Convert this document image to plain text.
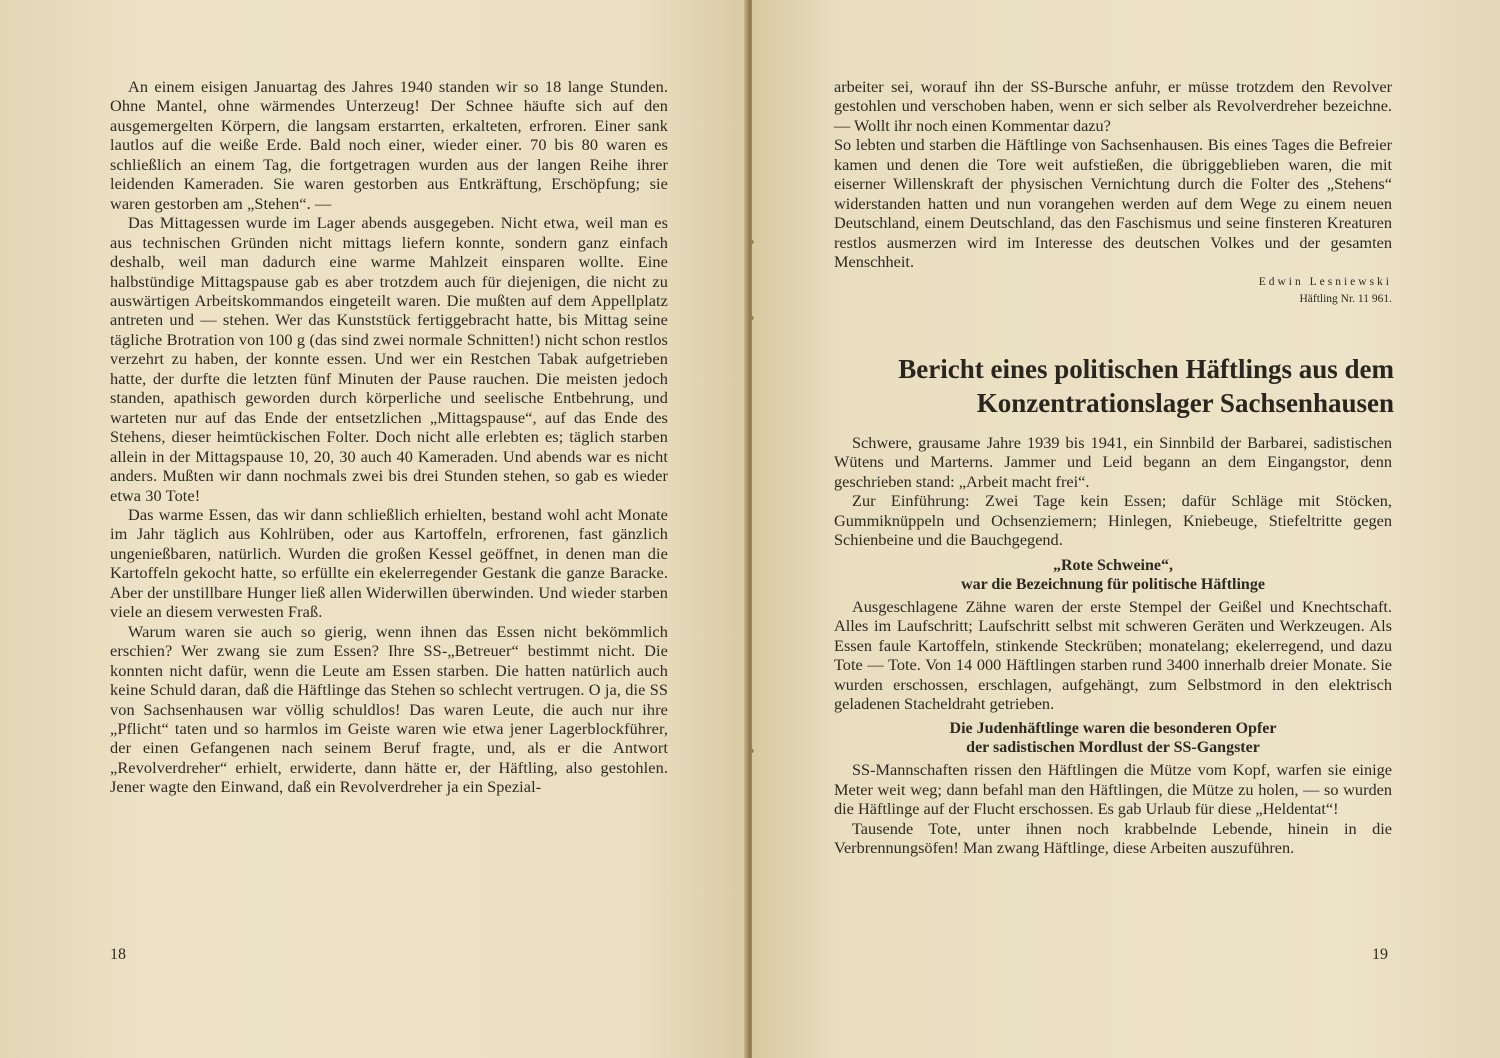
An einem eisigen Januartag des Jahres 1940 standen wir so 18 lange Stunden. Ohne Mantel, ohne wärmendes Unterzeug! Der Schnee häufte sich auf den ausgemergelten Körpern, die langsam erstarrten, erkalteten, erfroren. Einer sank lautlos auf die weiße Erde. Bald noch einer, wieder einer. 70 bis 80 waren es schließlich an einem Tag, die fortgetragen wurden aus der langen Reihe ihrer leidenden Kameraden. Sie waren gestorben aus Entkräftung, Erschöpfung; sie waren gestorben am „Stehen“. —

Das Mittagessen wurde im Lager abends ausgegeben. Nicht etwa, weil man es aus technischen Gründen nicht mittags liefern konnte, sondern ganz einfach deshalb, weil man dadurch eine warme Mahlzeit einsparen wollte. Eine halbstündige Mittagspause gab es aber trotzdem auch für diejenigen, die nicht zu auswärtigen Arbeitskommandos eingeteilt waren. Die mußten auf dem Appellplatz antreten und — stehen. Wer das Kunststück fertiggebracht hatte, bis Mittag seine tägliche Brotration von 100 g (das sind zwei normale Schnitten!) nicht schon restlos verzehrt zu haben, der konnte essen. Und wer ein Restchen Tabak aufgetrieben hatte, der durfte die letzten fünf Minuten der Pause rauchen. Die meisten jedoch standen, apathisch geworden durch körperliche und seelische Entbehrung, und warteten nur auf das Ende der entsetzlichen „Mittagspause“, auf das Ende des Stehens, dieser heimtückischen Folter. Doch nicht alle erlebten es; täglich starben allein in der Mittagspause 10, 20, 30 auch 40 Kameraden. Und abends war es nicht anders. Mußten wir dann nochmals zwei bis drei Stunden stehen, so gab es wieder etwa 30 Tote!

Das warme Essen, das wir dann schließlich erhielten, bestand wohl acht Monate im Jahr täglich aus Kohlrüben, oder aus Kartoffeln, erfrorenen, fast gänzlich ungenießbaren, natürlich. Wurden die großen Kessel geöffnet, in denen man die Kartoffeln gekocht hatte, so erfüllte ein ekelerregender Gestank die ganze Baracke. Aber der unstillbare Hunger ließ allen Widerwillen überwinden. Und wieder starben viele an diesem verwesten Fraß.

Warum waren sie auch so gierig, wenn ihnen das Essen nicht bekömmlich erschien? Wer zwang sie zum Essen? Ihre SS-„Betreuer“ bestimmt nicht. Die konnten nicht dafür, wenn die Leute am Essen starben. Die hatten natürlich auch keine Schuld daran, daß die Häftlinge das Stehen so schlecht vertrugen. O ja, die SS von Sachsenhausen war völlig schuldlos! Das waren Leute, die auch nur ihre „Pflicht“ taten und so harmlos im Geiste waren wie etwa jener Lagerblockführer, der einen Gefangenen nach seinem Beruf fragte, und, als er die Antwort „Revolverdreher“ erhielt, erwiderte, dann hätte er, der Häftling, also gestohlen. Jener wagte den Einwand, daß ein Revolverdreher ja ein Spezial-

18
●
●
●

arbeiter sei, worauf ihn der SS-Bursche anfuhr, er müsse trotzdem den Revolver gestohlen und verschoben haben, wenn er sich selber als Revolverdreher bezeichne. — Wollt ihr noch einen Kommentar dazu?

So lebten und starben die Häftlinge von Sachsenhausen. Bis eines Tages die Befreier kamen und denen die Tore weit aufstießen, die übriggeblieben waren, die mit eiserner Willenskraft der physischen Vernichtung durch die Folter des „Stehens“ widerstanden hatten und nun vorangehen werden auf dem Wege zu einem neuen Deutschland, einem Deutschland, das den Faschismus und seine finsteren Kreaturen restlos ausmerzen wird im Interesse des deutschen Volkes und der gesamten Menschheit.

Edwin Lesniewski
Häftling Nr. 11 961.
Bericht eines politischen Häftlings aus dem
Konzentrationslager Sachsenhausen

Schwere, grausame Jahre 1939 bis 1941, ein Sinnbild der Barbarei, sadistischen Wütens und Marterns. Jammer und Leid begann an dem Eingangstor, denn geschrieben stand: „Arbeit macht frei“.

Zur Einführung: Zwei Tage kein Essen; dafür Schläge mit Stöcken, Gummiknüppeln und Ochsenziemern; Hinlegen, Kniebeuge, Stiefeltritte gegen Schienbeine und die Bauchgegend.

„Rote Schweine“,
war die Bezeichnung für politische Häftlinge

Ausgeschlagene Zähne waren der erste Stempel der Geißel und Knechtschaft. Alles im Laufschritt; Laufschritt selbst mit schweren Geräten und Werkzeugen. Als Essen faule Kartoffeln, stinkende Steckrüben; monatelang; ekelerregend, und dazu Tote — Tote. Von 14 000 Häftlingen starben rund 3400 innerhalb dreier Monate. Sie wurden erschossen, erschlagen, aufgehängt, zum Selbstmord in den elektrisch geladenen Stacheldraht getrieben.

Die Judenhäftlinge waren die besonderen Opfer
der sadistischen Mordlust der SS-Gangster

SS-Mannschaften rissen den Häftlingen die Mütze vom Kopf, warfen sie einige Meter weit weg; dann befahl man den Häftlingen, die Mütze zu holen, — so wurden die Häftlinge auf der Flucht erschossen. Es gab Urlaub für diese „Heldentat“!

Tausende Tote, unter ihnen noch krabbelnde Lebende, hinein in die Verbrennungsöfen! Man zwang Häftlinge, diese Arbeiten auszuführen.

19
